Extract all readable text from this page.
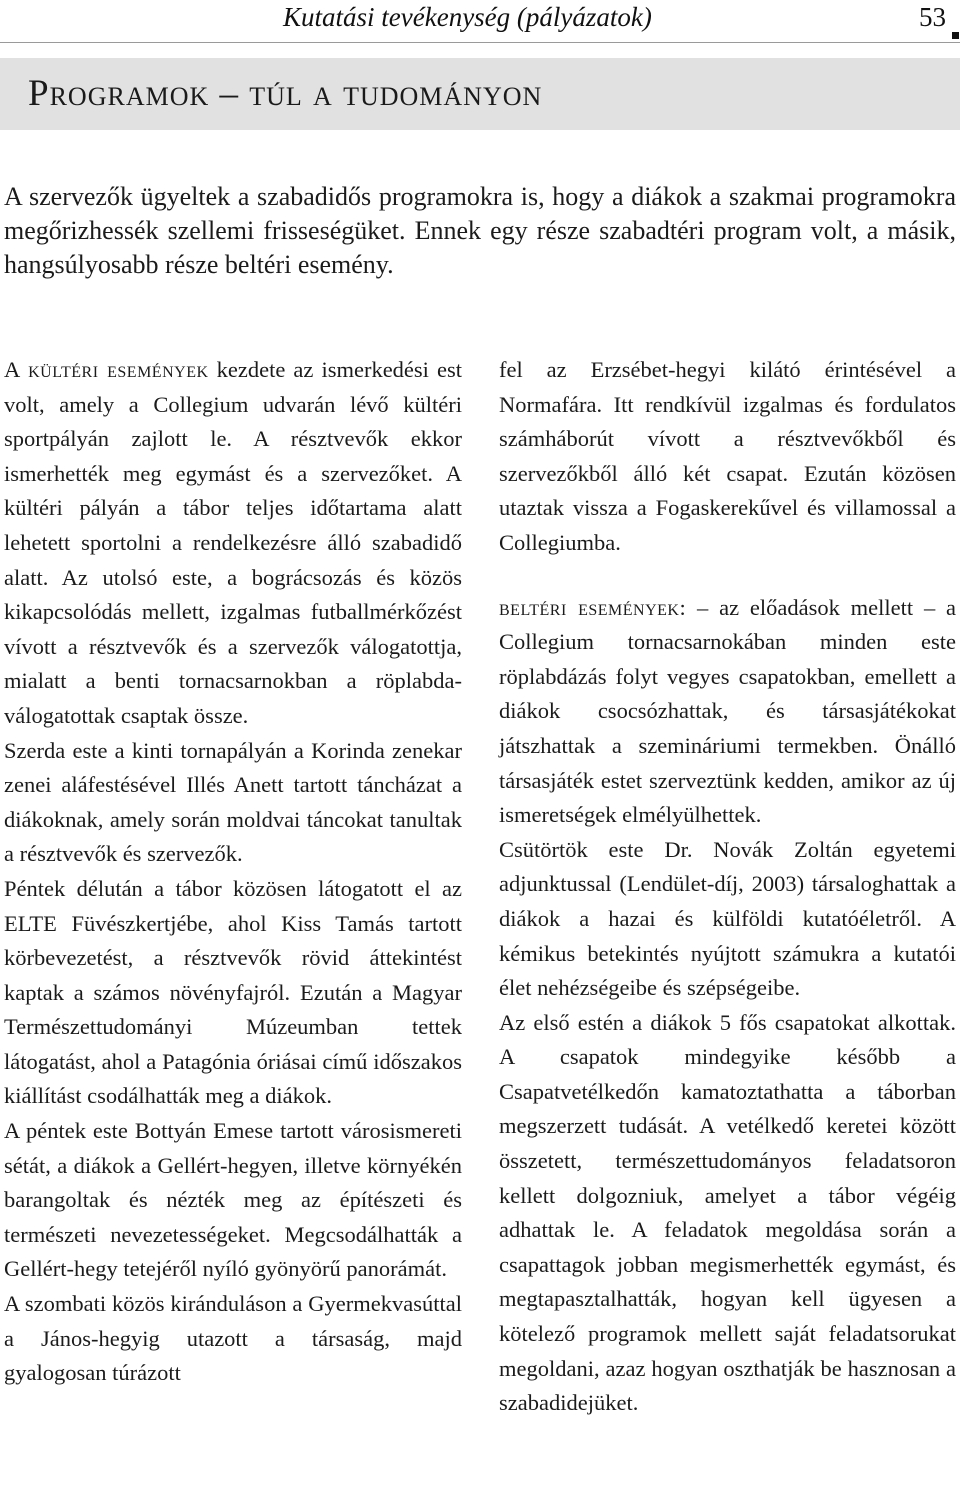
Kutatási tevékenység (pályázatok)	53
Programok – túl a tudományon
A szervezők ügyeltek a szabadidős programokra is, hogy a diákok a szakmai programokra megőrizhessék szellemi frisseségüket. Ennek egy része szabadtéri program volt, a másik, hangsúlyosabb része beltéri esemény.

A kültéri események kezdete az ismerkedési est volt, amely a Collegium udvarán lévő kültéri sportpályán zajlott le. A résztvevők ekkor ismerhették meg egymást és a szervezőket. A kültéri pályán a tábor teljes időtartama alatt lehetett sportolni a rendelkezésre álló szabadidő alatt. Az utolsó este, a bográcsozás és közös kikapcsolódás mellett, izgalmas futballmérkőzést vívott a résztvevők és a szervezők válogatottja, mialatt a benti tornacsarnokban a röplabda-válogatottak csaptak össze.

Szerda este a kinti tornapályán a Korinda zenekar zenei aláfestésével Illés Anett tartott táncházat a diákoknak, amely során moldvai táncokat tanultak a résztvevők és szervezők.

Péntek délután a tábor közösen látogatott el az ELTE Füvészkertjébe, ahol Kiss Tamás tartott körbevezetést, a résztvevők rövid áttekintést kaptak a számos növényfajról. Ezután a Magyar Természettudományi Múzeumban tettek látogatást, ahol a Patagónia óriásai című időszakos kiállítást csodálhatták meg a diákok.

A péntek este Bottyán Emese tartott városismereti sétát, a diákok a Gellért-hegyen, illetve környékén barangoltak és nézték meg az építészeti és természeti nevezetességeket. Megcsodálhatták a Gellért-hegy tetejéről nyíló gyönyörű panorámát.

A szombati közös kiránduláson a Gyermekvasúttal a János-hegyig utazott a társaság, majd gyalogosan túrázott

fel az Erzsébet-hegyi kilátó érintésével a Normafára. Itt rendkívül izgalmas és fordulatos számháborút vívott a résztvevőkből és szervezőkből álló két csapat. Ezután közösen utaztak vissza a Fogaskerekűvel és villamossal a Collegiumba.

beltéri események: – az előadások mellett – a Collegium tornacsarnokában minden este röplabdázás folyt vegyes csapatokban, emellett a diákok csocsózhattak, és társasjátékokat játszhattak a szemináriumi termekben. Önálló társasjáték estet szerveztünk kedden, amikor az új ismeretségek elmélyülhettek.

Csütörtök este Dr. Novák Zoltán egyetemi adjunktussal (Lendület-díj, 2003) társaloghattak a diákok a hazai és külföldi kutatóéletről. A kémikus betekintés nyújtott számukra a kutatói élet nehézségeibe és szépségeibe.

Az első estén a diákok 5 fős csapatokat alkottak. A csapatok mindegyike később a Csapatvetélkedőn kamatoztathatta a táborban megszerzett tudását. A vetélkedő keretei között összetett, természettudományos feladatsoron kellett dolgozniuk, amelyet a tábor végéig adhattak le. A feladatok megoldása során a csapattagok jobban megismerhették egymást, és megtapasztalhatták, hogyan kell ügyesen a kötelező programok mellett saját feladatsorukat megoldani, azaz hogyan oszthatják be hasznosan a szabadidejüket.
